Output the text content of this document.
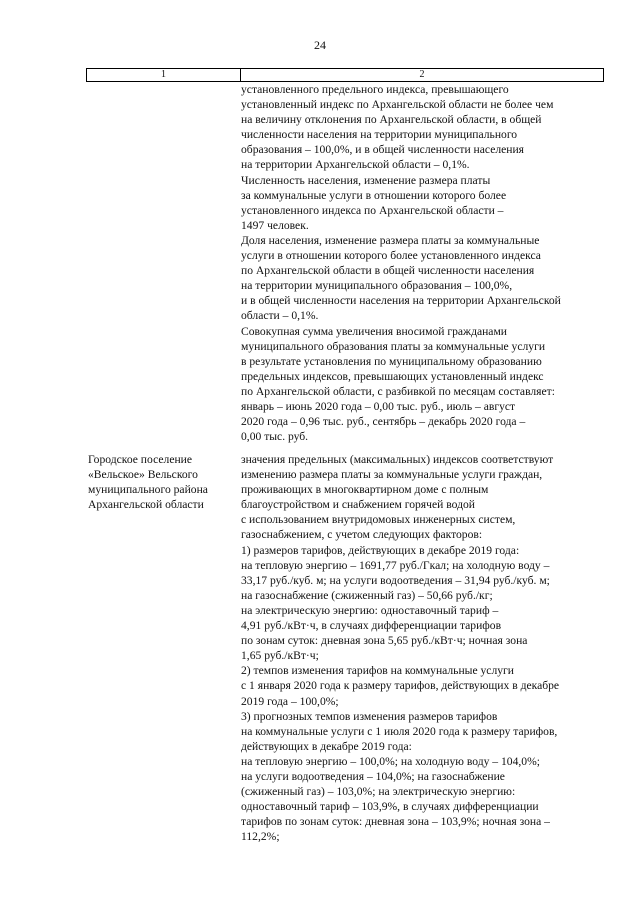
24
1	2
установленного предельного индекса, превышающего
установленный индекс по Архангельской области не более чем
на величину отклонения по Архангельской области, в общей
численности населения на территории муниципального
образования – 100,0%, и в общей численности населения
на территории Архангельской области – 0,1%.
Численность населения, изменение размера платы
за коммунальные услуги в отношении которого более
установленного индекса по Архангельской области –
1497 человек.
Доля населения, изменение размера платы за коммунальные
услуги в отношении которого более установленного индекса
по Архангельской области в общей численности населения
на территории муниципального образования – 100,0%,
и в общей численности населения на территории Архангельской
области – 0,1%.
Совокупная сумма увеличения вносимой гражданами
муниципального образования платы за коммунальные услуги
в результате установления по муниципальному образованию
предельных индексов, превышающих установленный индекс
по Архангельской области, с разбивкой по месяцам составляет:
январь – июнь 2020 года – 0,00 тыс. руб., июль – август
2020 года – 0,96 тыс. руб., сентябрь – декабрь 2020 года –
0,00 тыс. руб.
Городское поселение
«Вельское» Вельского
муниципального района
Архангельской области
значения предельных (максимальных) индексов соответствуют
изменению размера платы за коммунальные услуги граждан,
проживающих в многоквартирном доме с полным
благоустройством и снабжением горячей водой
с использованием внутридомовых инженерных систем,
газоснабжением, с учетом следующих факторов:
1) размеров тарифов, действующих в декабре 2019 года:
на тепловую энергию – 1691,77 руб./Гкал; на холодную воду –
33,17 руб./куб. м; на услуги водоотведения – 31,94 руб./куб. м;
на газоснабжение (сжиженный газ) – 50,66 руб./кг;
на электрическую энергию: одноставочный тариф –
4,91 руб./кВт·ч, в случаях дифференциации тарифов
по зонам суток: дневная зона 5,65 руб./кВт·ч; ночная зона
1,65 руб./кВт·ч;
2) темпов изменения тарифов на коммунальные услуги
с 1 января 2020 года к размеру тарифов, действующих в декабре
2019 года – 100,0%;
3) прогнозных темпов изменения размеров тарифов
на коммунальные услуги с 1 июля 2020 года к размеру тарифов,
действующих в декабре 2019 года:
на тепловую энергию – 100,0%; на холодную воду – 104,0%;
на услуги водоотведения – 104,0%; на газоснабжение
(сжиженный газ) – 103,0%; на электрическую энергию:
одноставочный тариф – 103,9%, в случаях дифференциации
тарифов по зонам суток: дневная зона – 103,9%; ночная зона –
112,2%;
